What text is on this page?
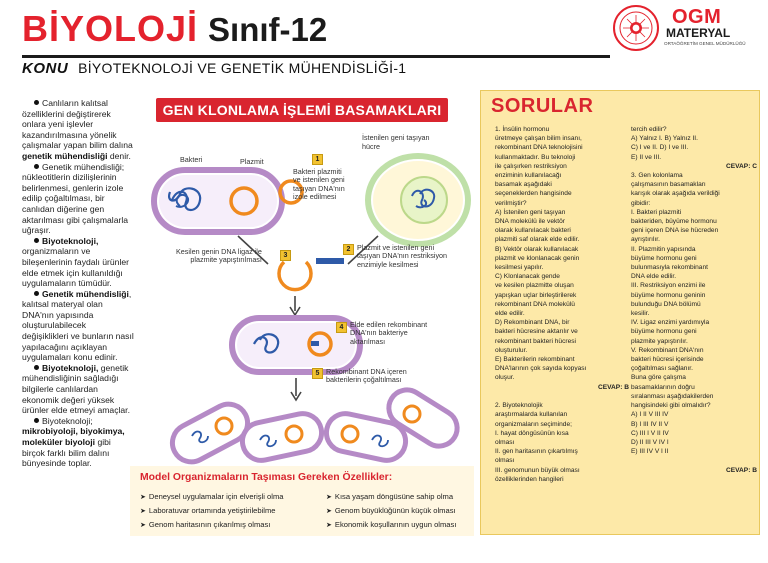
BİYOLOJİ Sınıf-12
KONU BİYOTEKNOLOJİ VE GENETİK MÜHENDİSLİĞİ-1
OGM
MATERYAL
ORTAÖĞRETİM GENEL MÜDÜRLÜĞÜ

Canlıların kalıtsal özelliklerini değiştirerek onlara yeni işlevler kazandırılmasına yönelik çalışmalar yapan bilim dalına genetik mühendisliği denir.

Genetik mühendisliği; nükleotitlerin dizilişlerinin belirlenmesi, genlerin izole edilip çoğaltılması, bir canlıdan diğerine gen aktarılması gibi çalışmalarla uğraşır.

Biyoteknoloji, organizmaların ve bileşenlerinin faydalı ürünler elde etmek için kullanıldığı uygulamaların tümüdür.

Genetik mühendisliği, kalıtsal materyal olan DNA'nın yapısında oluşturulabilecek değişiklikleri ve bunların nasıl yapılacağını açıklayan uygulamaları konu edinir.

Biyoteknoloji, genetik mühendisliğinin sağladığı bilgilerle canlılardan ekonomik değeri yüksek ürünler elde etmeyi amaçlar.

Biyoteknoloji; mikrobiyoloji, biyokimya, moleküler biyoloji gibi birçok farklı bilim dalını bünyesinde toplar.

GEN KLONLAMA İŞLEMİ BASAMAKLARI
Bakteri	Plazmit
İstenilen geni taşıyan
hücre
1
Bakteri plazmiti
ve istenilen geni
taşıyan DNA'nın
izole edilmesi
2 Plazmit ve istenilen geni
taşıyan DNA'nın restriksiyon
enzimiyle kesilmesi
Kesilen genin DNA ligaz ile
plazmite yapıştırılması	3
4 Elde edilen rekombinant
DNA'nın bakteriye
aktarılması
5 Rekombinant DNA içeren
bakterilerin çoğaltılması
Model Organizmaların Taşıması Gereken Özellikler:
➤ Deneysel uygulamalar için elverişli olma
➤ Laboratuvar ortamında yetiştirilebilme
➤ Genom haritasının çıkarılmış olması
➤ Kısa yaşam döngüsüne sahip olma
➤ Genom büyüklüğünün küçük olması
➤ Ekonomik koşullarının uygun olması
SORULAR
1. İnsülin hormonu
üretmeye çalışan bilim insanı,
rekombinant DNA teknolojisini
kullanmaktadır. Bu teknoloji
ile çalışırken restriksiyon
enziminin kullanılacağı
basamak aşağıdaki
seçeneklerden hangisinde
verilmiştir?
A) İstenilen geni taşıyan
DNA molekülü ile vektör
olarak kullanılacak bakteri
plazmiti saf olarak elde edilir.
B) Vektör olarak kullanılacak
plazmit ve klonlanacak genin
kesilmesi yapılır.
C) Klonlanacak gende
ve kesilen plazmitte oluşan
yapışkan uçlar birleştirilerek
rekombinant DNA molekülü
elde edilir.
D) Rekombinant DNA, bir
bakteri hücresine aktarılır ve
rekombinant bakteri hücresi
oluşturulur.
E) Bakterilerin rekombinant
DNA'larının çok sayıda kopyası
oluşur.
CEVAP: B

2. Biyoteknolojik
araştırmalarda kullanılan
organizmaların seçiminde;
I. hayat döngüsünün kısa
olması
II. gen haritasının çıkartılmış
olması
III. genomunun büyük olması
özelliklerinden hangileri
tercih edilir?
A) Yalnız I. B) Yalnız II.
C) I ve II. D) I ve III.
E) II ve III.
CEVAP: C
3. Gen kolonlama
çalışmasının basamakları
karışık olarak aşağıda verildiği
gibidir:
I. Bakteri plazmiti
bakteriden, büyüme hormonu
geni içeren DNA ise hücreden
ayrıştırılır.
II. Plazmitin yapısında
büyüme hormonu geni
bulunmasıyla rekombinant
DNA elde edilir.
III. Restriksiyon enzimi ile
büyüme hormonu geninin
bulunduğu DNA bölümü
kesilir.
IV. Ligaz enzimi yardımıyla
büyüme hormonu geni
plazmite yapıştırılır.
V. Rekombinant DNA'nın
bakteri hücresi içerisinde
çoğaltılması sağlanır.
Buna göre çalışma
basamaklarının doğru
sıralanması aşağıdakilerden
hangisindeki gibi olmalıdır?
A) I II V III IV
B) I III IV II V
C) III I V II IV
D) II III V IV I
E) III IV V I II

CEVAP: B
